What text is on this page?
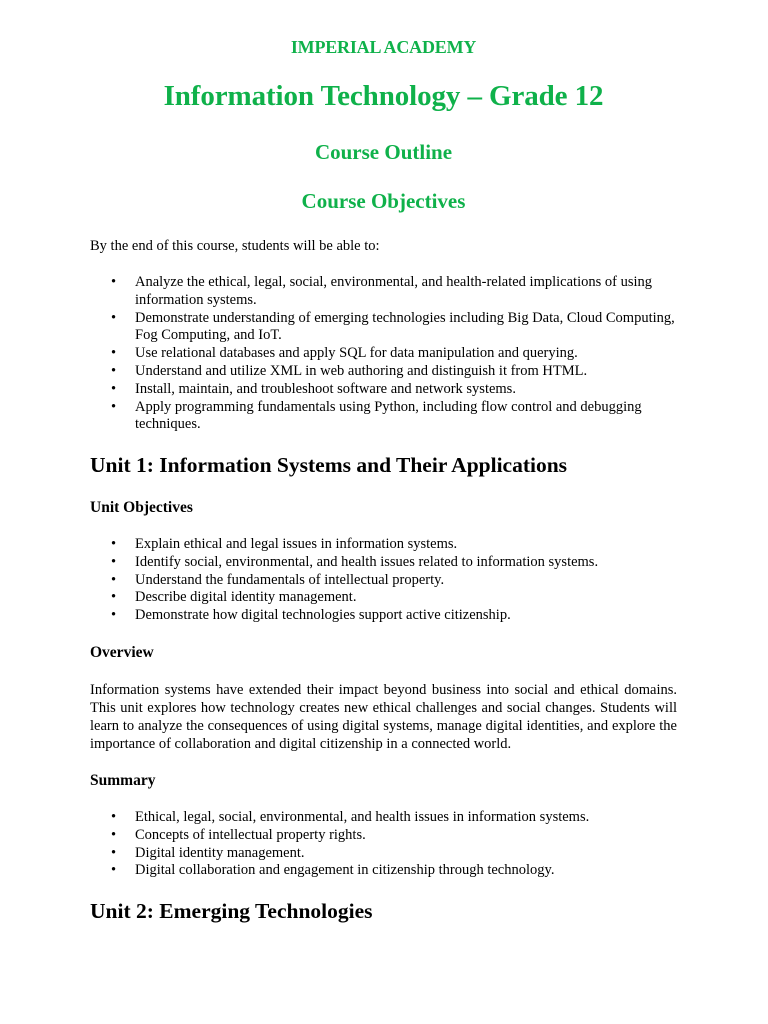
IMPERIAL ACADEMY
Information Technology – Grade 12
Course Outline
Course Objectives

By the end of this course, students will be able to:

• Analyze the ethical, legal, social, environmental, and health-related implications of using information systems.
• Demonstrate understanding of emerging technologies including Big Data, Cloud Computing, Fog Computing, and IoT.
• Use relational databases and apply SQL for data manipulation and querying.
• Understand and utilize XML in web authoring and distinguish it from HTML.
• Install, maintain, and troubleshoot software and network systems.
• Apply programming fundamentals using Python, including flow control and debugging techniques.
Unit 1: Information Systems and Their Applications
Unit Objectives
• Explain ethical and legal issues in information systems.
• Identify social, environmental, and health issues related to information systems.
• Understand the fundamentals of intellectual property.
• Describe digital identity management.
• Demonstrate how digital technologies support active citizenship.
Overview

Information systems have extended their impact beyond business into social and ethical domains. This unit explores how technology creates new ethical challenges and social changes. Students will learn to analyze the consequences of using digital systems, manage digital identities, and explore the importance of collaboration and digital citizenship in a connected world.

Summary
• Ethical, legal, social, environmental, and health issues in information systems.
• Concepts of intellectual property rights.
• Digital identity management.
• Digital collaboration and engagement in citizenship through technology.
Unit 2: Emerging Technologies
